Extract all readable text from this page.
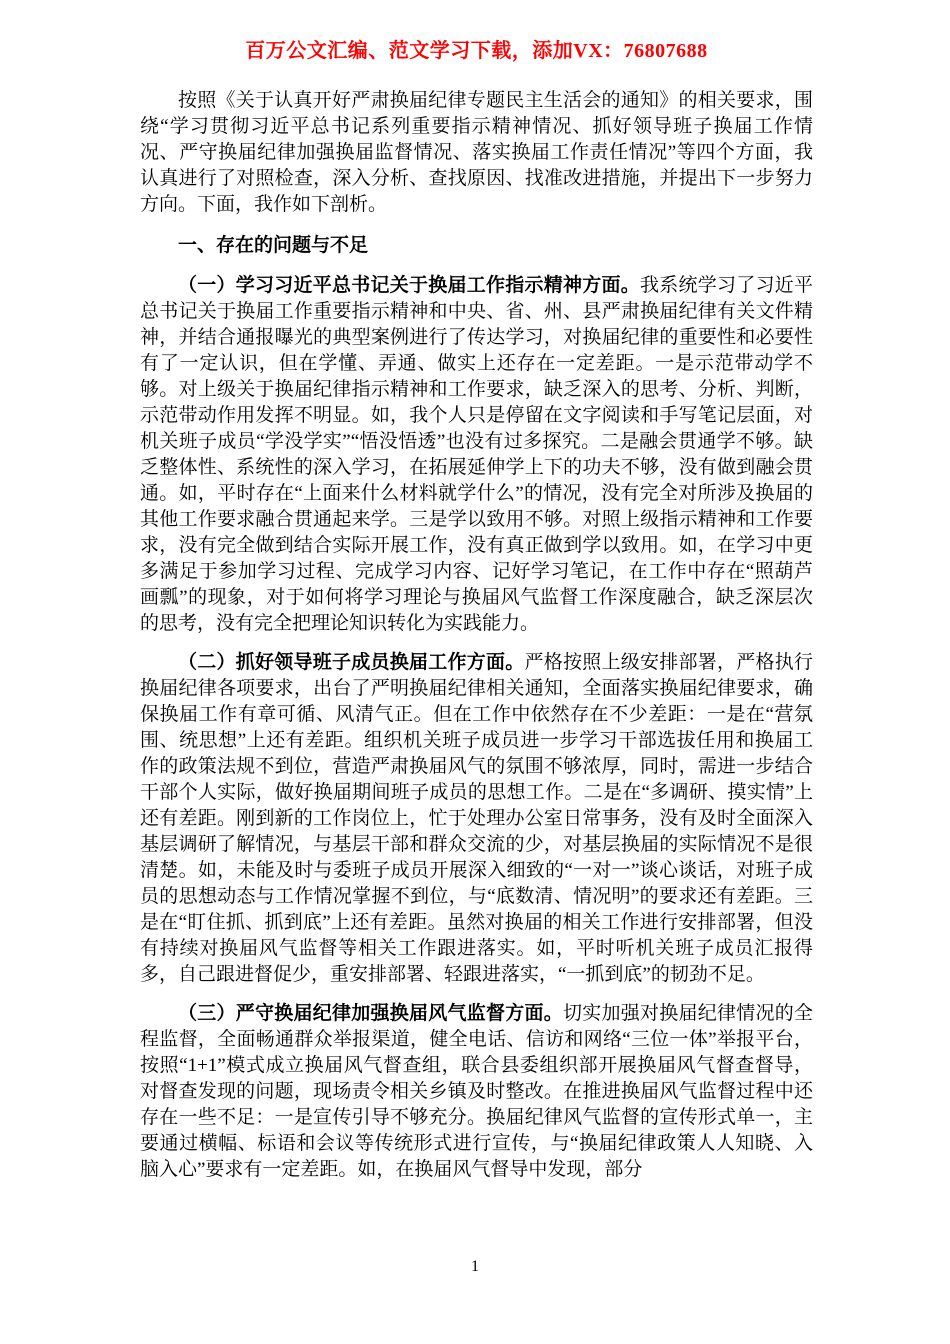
百万公文汇编、范文学习下载，添加VX：76807688

按照《关于认真开好严肃换届纪律专题民主生活会的通知》的相关要求，围绕“学习贯彻习近平总书记系列重要指示精神情况、抓好领导班子换届工作情况、严守换届纪律加强换届监督情况、落实换届工作责任情况”等四个方面，我认真进行了对照检查，深入分析、查找原因、找准改进措施，并提出下一步努力方向。下面，我作如下剖析。

一、存在的问题与不足

（一）学习习近平总书记关于换届工作指示精神方面。我系统学习了习近平总书记关于换届工作重要指示精神和中央、省、州、县严肃换届纪律有关文件精神，并结合通报曝光的典型案例进行了传达学习，对换届纪律的重要性和必要性有了一定认识，但在学懂、弄通、做实上还存在一定差距。一是示范带动学不够。对上级关于换届纪律指示精神和工作要求，缺乏深入的思考、分析、判断，示范带动作用发挥不明显。如，我个人只是停留在文字阅读和手写笔记层面，对机关班子成员“学没学实”“悟没悟透”也没有过多探究。二是融会贯通学不够。缺乏整体性、系统性的深入学习，在拓展延伸学上下的功夫不够，没有做到融会贯通。如，平时存在“上面来什么材料就学什么”的情况，没有完全对所涉及换届的其他工作要求融合贯通起来学。三是学以致用不够。对照上级指示精神和工作要求，没有完全做到结合实际开展工作，没有真正做到学以致用。如，在学习中更多满足于参加学习过程、完成学习内容、记好学习笔记，在工作中存在“照葫芦画瓢”的现象，对于如何将学习理论与换届风气监督工作深度融合，缺乏深层次的思考，没有完全把理论知识转化为实践能力。

（二）抓好领导班子成员换届工作方面。严格按照上级安排部署，严格执行换届纪律各项要求，出台了严明换届纪律相关通知，全面落实换届纪律要求，确保换届工作有章可循、风清气正。但在工作中依然存在不少差距：一是在“营氛围、统思想”上还有差距。组织机关班子成员进一步学习干部选拔任用和换届工作的政策法规不到位，营造严肃换届风气的氛围不够浓厚，同时，需进一步结合干部个人实际，做好换届期间班子成员的思想工作。二是在“多调研、摸实情”上还有差距。刚到新的工作岗位上，忙于处理办公室日常事务，没有及时全面深入基层调研了解情况，与基层干部和群众交流的少，对基层换届的实际情况不是很清楚。如，未能及时与委班子成员开展深入细致的“一对一”谈心谈话，对班子成员的思想动态与工作情况掌握不到位，与“底数清、情况明”的要求还有差距。三是在“盯住抓、抓到底”上还有差距。虽然对换届的相关工作进行安排部署，但没有持续对换届风气监督等相关工作跟进落实。如，平时听机关班子成员汇报得多，自己跟进督促少，重安排部署、轻跟进落实，“一抓到底”的韧劲不足。

（三）严守换届纪律加强换届风气监督方面。切实加强对换届纪律情况的全程监督，全面畅通群众举报渠道，健全电话、信访和网络“三位一体”举报平台，按照“1+1”模式成立换届风气督查组，联合县委组织部开展换届风气督查督导，对督查发现的问题，现场责令相关乡镇及时整改。在推进换届风气监督过程中还存在一些不足：一是宣传引导不够充分。换届纪律风气监督的宣传形式单一，主要通过横幅、标语和会议等传统形式进行宣传，与“换届纪律政策人人知晓、入脑入心”要求有一定差距。如，在换届风气督导中发现，部分

1
